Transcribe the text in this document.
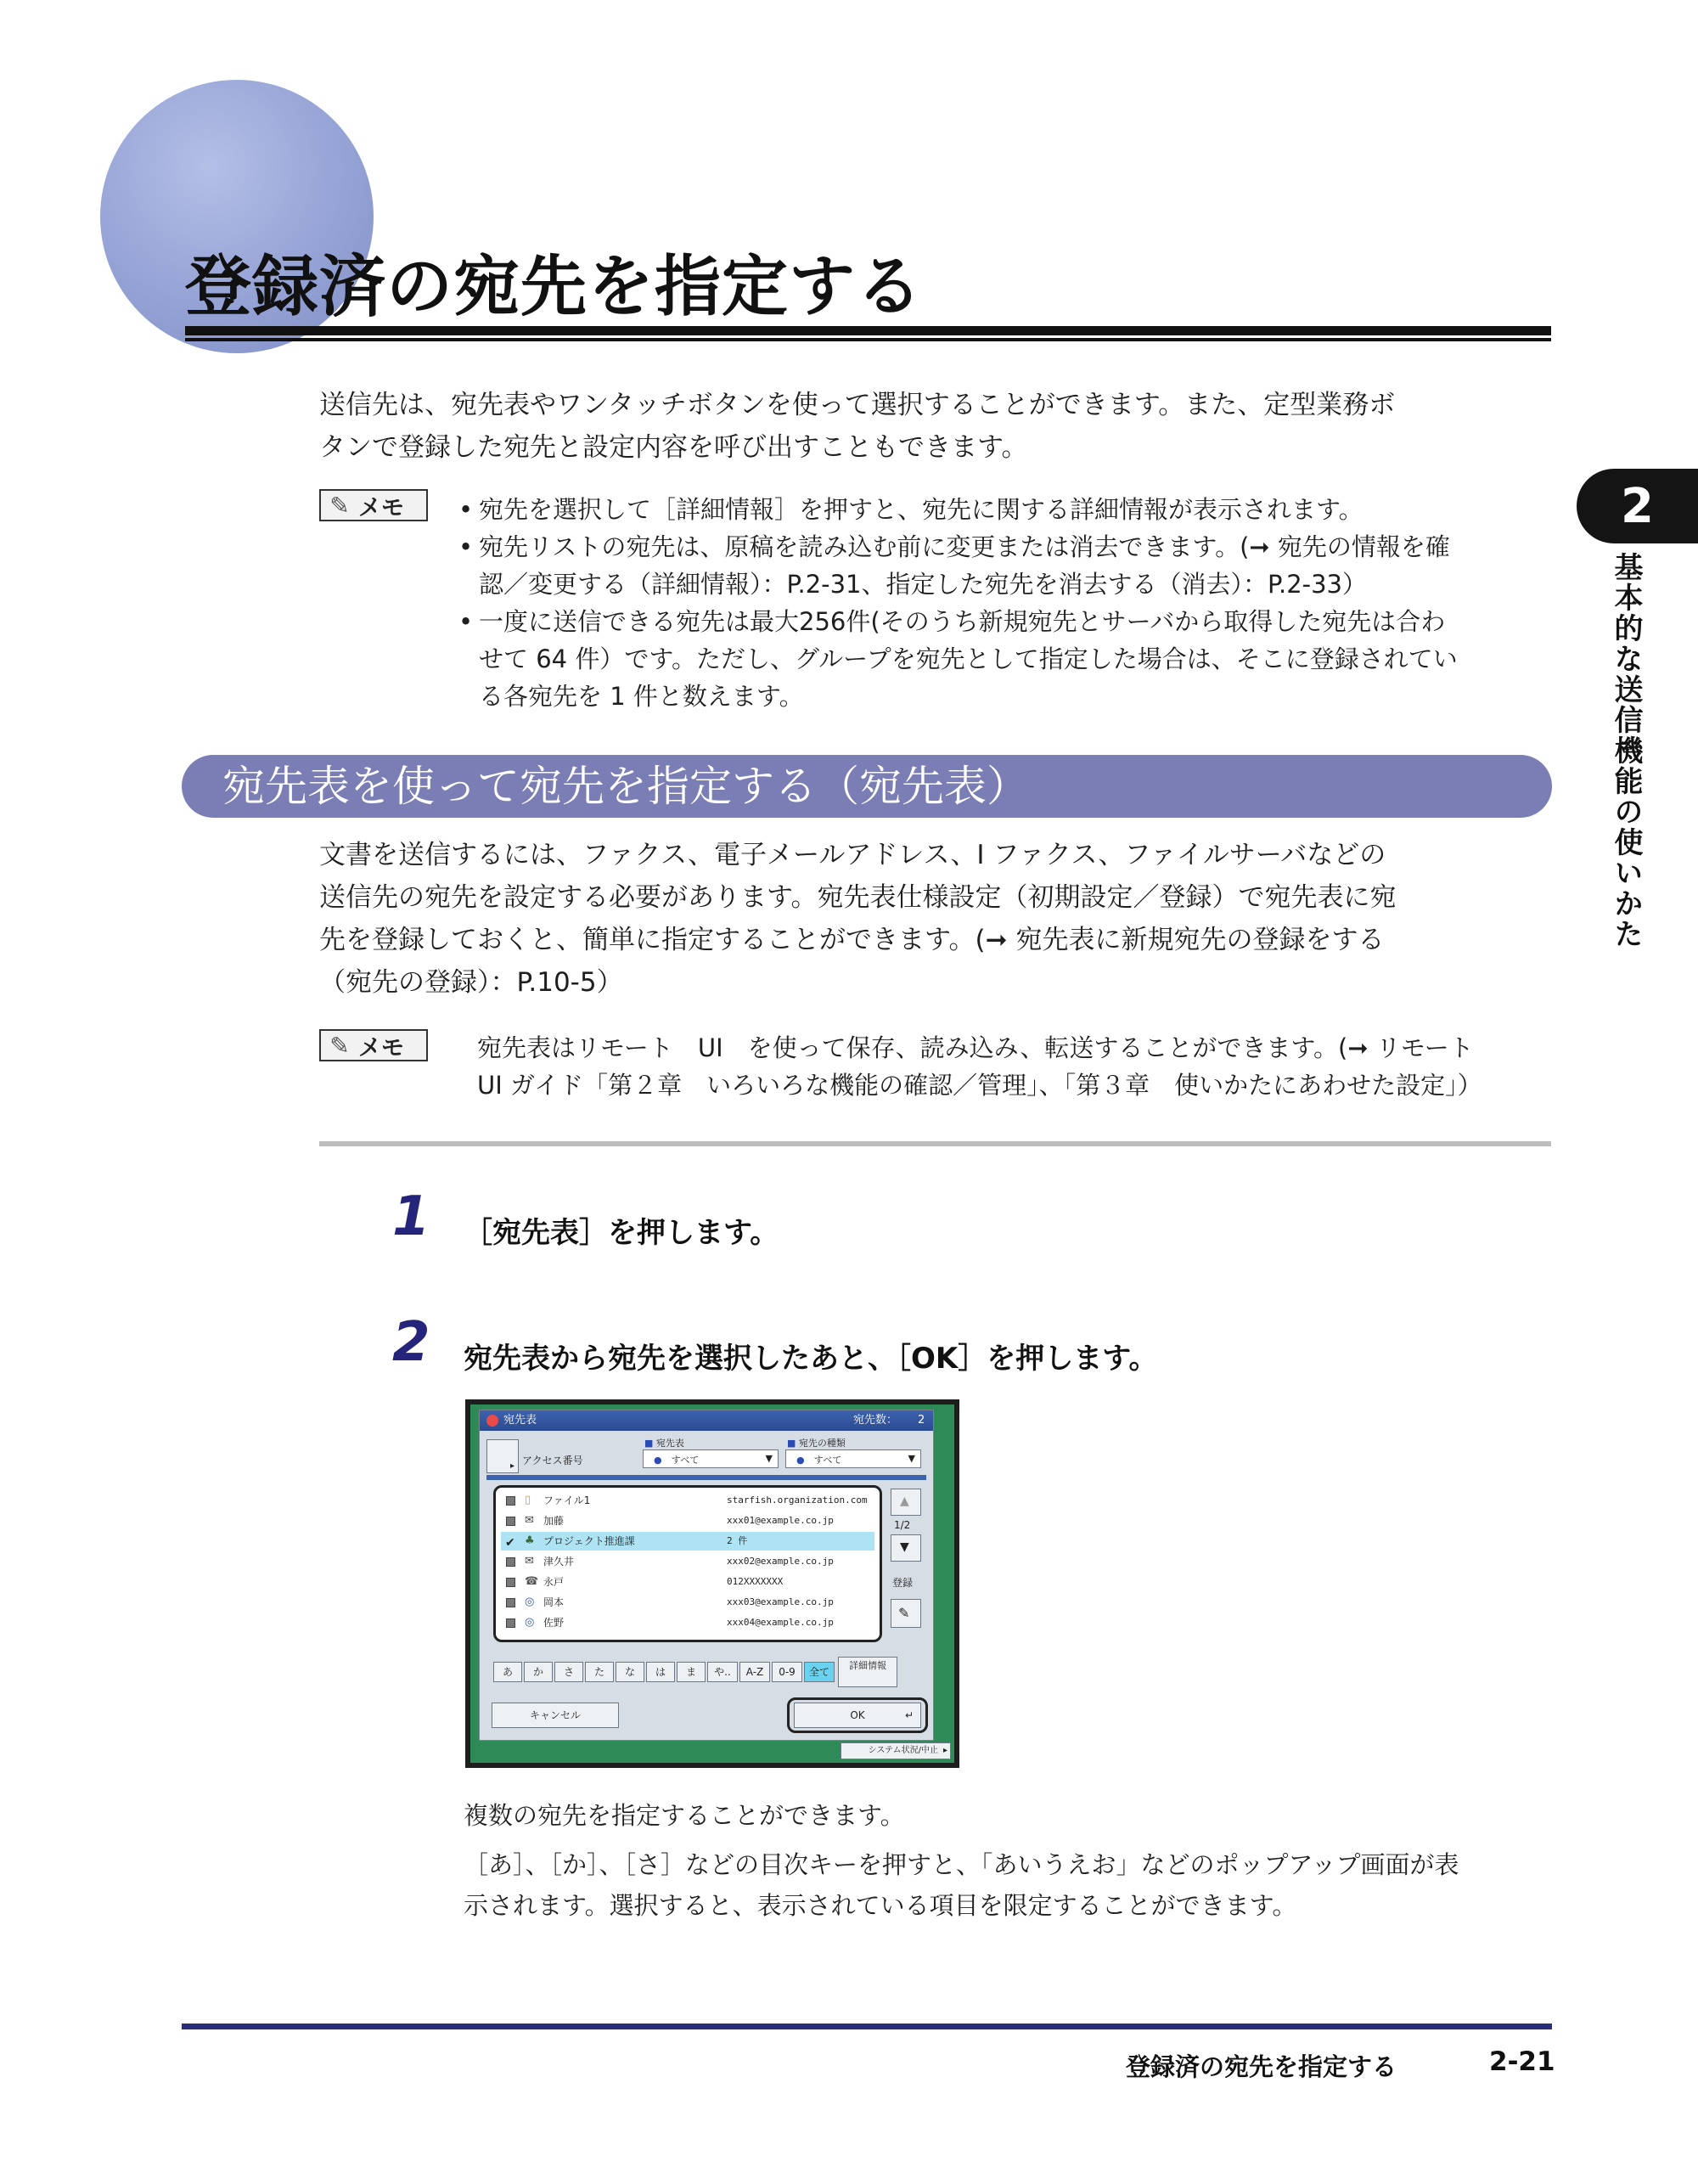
登録済の宛先を指定する
2
基本的な送信機能の使いかた
送信先は、宛先表やワンタッチボタンを使って選択することができます。また、定型業務ボ
タンで登録した宛先と設定内容を呼び出すこともできます。
✎ メモ
•	宛先を選択して［詳細情報］を押すと、宛先に関する詳細情報が表示されます。
• 宛先リストの宛先は、原稿を読み込む前に変更または消去できます。(➞ 宛先の情報を確
認／変更する（詳細情報）：P.2-31、指定した宛先を消去する（消去）：P.2-33）
• 一度に送信できる宛先は最大256件(そのうち新規宛先とサーバから取得した宛先は合わ
せて 64 件）です。ただし、グループを宛先として指定した場合は、そこに登録されてい
る各宛先を 1 件と数えます。
宛先表を使って宛先を指定する（宛先表）
文書を送信するには、ファクス、電子メールアドレス、I ファクス、ファイルサーバなどの
送信先の宛先を設定する必要があります。宛先表仕様設定（初期設定／登録）で宛先表に宛
先を登録しておくと、簡単に指定することができます。(➞ 宛先表に新規宛先の登録をする
（宛先の登録）：P.10-5）
✎ メモ	宛先表はリモート　UI　を使って保存、読み込み、転送することができます。(➞ リモート
UI ガイド「第２章　いろいろな機能の確認／管理」、「第３章　使いかたにあわせた設定」）
1 ［宛先表］を押します。
2 宛先表から宛先を選択したあと、［OK］を押します。
宛先表	宛先数： 2
▸ アクセス番号
■ 宛先表
●　 すべて	▼
■ 宛先の種類
●　 すべて	▼
▯ ファイル1	starfish.organization.com
✉ 加藤	xxx01@example.co.jp
✔ ♣ プロジェクト推進課	2 件
✉ 津久井	xxx02@example.co.jp
☎ 永戸	012XXXXXXX
◎ 岡本	xxx03@example.co.jp
◎ 佐野	xxx04@example.co.jp
▲
1/2
▼
登録
✎
あ	か	さ	た	な	は	ま	や..	A-Z	0-9	全て
詳細情報
キャンセル	OK	↵
システム状況/中止 ▸
複数の宛先を指定することができます。
［あ］、［か］、［さ］などの目次キーを押すと、「あいうえお」などのポップアップ画面が表
示されます。選択すると、表示されている項目を限定することができます。
登録済の宛先を指定する	2-21
